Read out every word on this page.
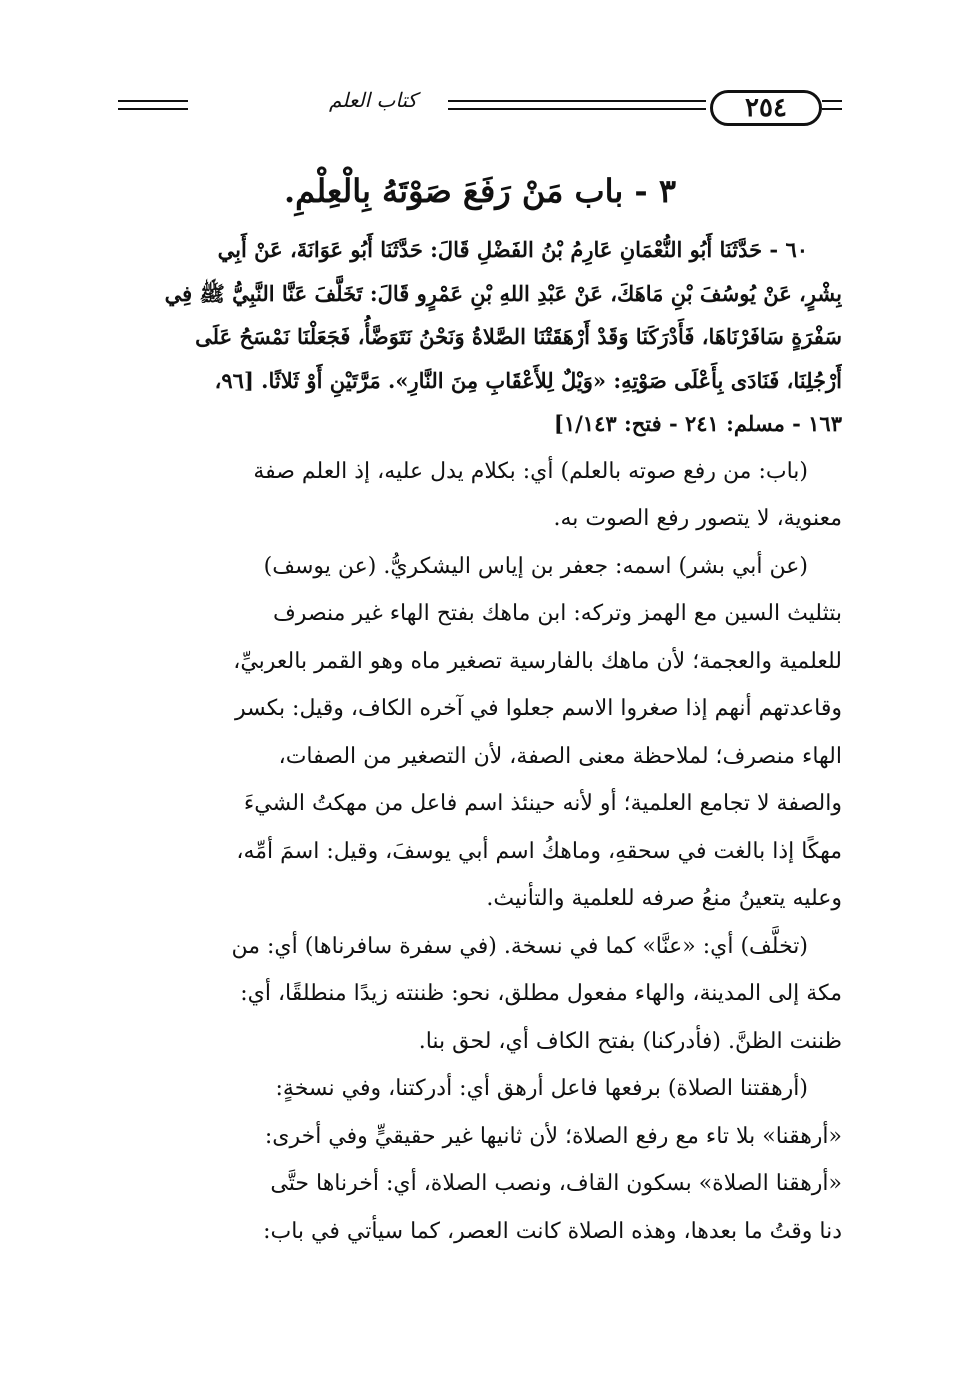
٢٥٤
كتاب العلم
٣ - باب مَنْ رَفَعَ صَوْتَهُ بِالْعِلْمِ.
٦٠ - حَدَّثَنَا أَبُو النُّعْمَانِ عَارِمُ بْنُ الفَضْلِ قَالَ: حَدَّثَنَا أَبُو عَوَانَةَ، عَنْ أَبِي
بِشْرٍ، عَنْ يُوسُفَ بْنِ مَاهَكَ، عَنْ عَبْدِ اللهِ بْنِ عَمْرٍو قَالَ: تَخَلَّفَ عَنَّا النَّبِيُّ ﷺ فِي
سَفْرَةٍ سَافَرْنَاهَا، فَأَدْرَكَنَا وَقَدْ أَرْهَقَتْنَا الصَّلاةُ وَنَحْنُ نَتَوَضَّأُ، فَجَعَلْنَا نَمْسَحُ عَلَى
أَرْجُلِنَا، فَنَادَى بِأَعْلَى صَوْتِهِ: «وَيْلٌ لِلأَعْقَابِ مِنَ النَّارِ». مَرَّتَيْنِ أَوْ ثَلاثًا. [٩٦،
١٦٣ - مسلم: ٢٤١ - فتح: ١/١٤٣]
(باب: من رفع صوته بالعلم) أي: بكلام يدل عليه، إذ العلم صفة
معنوية، لا يتصور رفع الصوت به.
(عن أبي بشر) اسمه: جعفر بن إياس اليشكريُّ. (عن يوسف)
بتثليث السين مع الهمز وتركه: ابن ماهك بفتح الهاء غير منصرف
للعلمية والعجمة؛ لأن ماهك بالفارسية تصغير ماه وهو القمر بالعربيِّ،
وقاعدتهم أنهم إذا صغروا الاسم جعلوا في آخره الكاف، وقيل: بكسر
الهاء منصرف؛ لملاحظة معنى الصفة، لأن التصغير من الصفات،
والصفة لا تجامع العلمية؛ أو لأنه حينئذ اسم فاعل من مهكتُ الشيءَ
مهكًا إذا بالغت في سحقهِ، وماهكُ اسم أبي يوسفَ، وقيل: اسمَ أمِّه،
وعليه يتعينُ منعُ صرفه للعلمية والتأنيث.
(تخلَّف) أي: «عنَّا» كما في نسخة. (في سفرة سافرناها) أي: من
مكة إلى المدينة، والهاء مفعول مطلق، نحو: ظننته زيدًا منطلقًا، أي:
ظننت الظنَّ. (فأدركنا) بفتح الكاف أي، لحق بنا.
(أرهقتنا الصلاة) برفعها فاعل أرهق أي: أدركتنا، وفي نسخةٍ:
«أرهقنا» بلا تاء مع رفع الصلاة؛ لأن ثانيها غير حقيقيٍّ وفي أخرى:
«أرهقنا الصلاة» بسكون القاف، ونصب الصلاة، أي: أخرناها حتَّى
دنا وقتُ ما بعدها، وهذه الصلاة كانت العصر، كما سيأتي في باب:
